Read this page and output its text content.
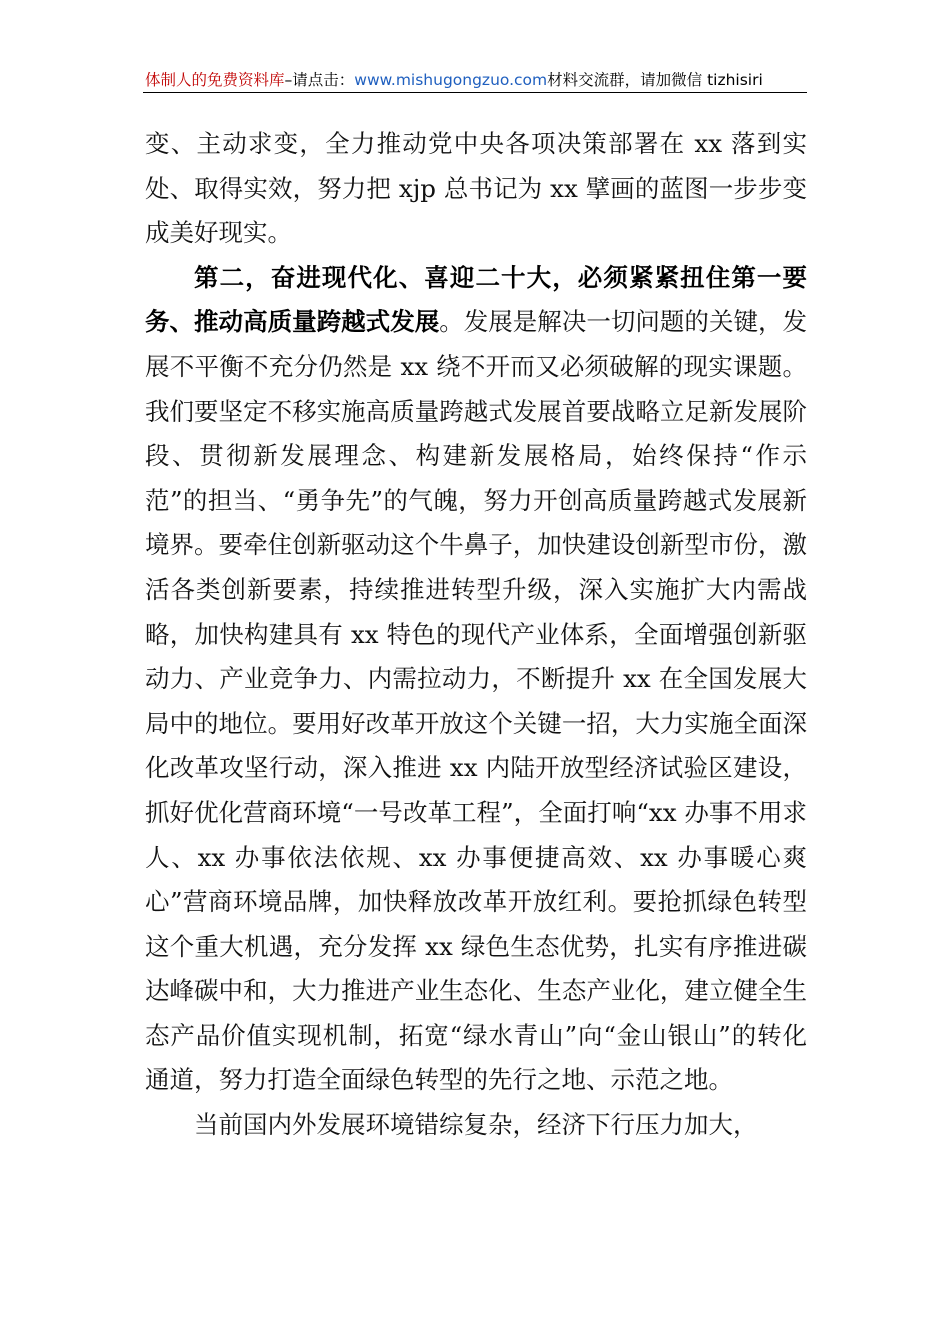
体制人的免费资料库–请点击：www.mishugongzuo.com材料交流群，请加微信 tizhisiri

变、主动求变，全力推动党中央各项决策部署在 xx 落到实处、取得实效，努力把 xjp 总书记为 xx 擘画的蓝图一步步变成美好现实。

第二，奋进现代化、喜迎二十大，必须紧紧扭住第一要务、推动高质量跨越式发展。发展是解决一切问题的关键，发展不平衡不充分仍然是 xx 绕不开而又必须破解的现实课题。我们要坚定不移实施高质量跨越式发展首要战略立足新发展阶段、贯彻新发展理念、构建新发展格局，始终保持“作示范”的担当、“勇争先”的气魄，努力开创高质量跨越式发展新境界。要牵住创新驱动这个牛鼻子，加快建设创新型市份，激活各类创新要素，持续推进转型升级，深入实施扩大内需战略，加快构建具有 xx 特色的现代产业体系，全面增强创新驱动力、产业竞争力、内需拉动力，不断提升 xx 在全国发展大局中的地位。要用好改革开放这个关键一招，大力实施全面深化改革攻坚行动，深入推进 xx 内陆开放型经济试验区建设，抓好优化营商环境“一号改革工程”，全面打响“xx 办事不用求人、xx 办事依法依规、xx 办事便捷高效、xx 办事暖心爽心”营商环境品牌，加快释放改革开放红利。要抢抓绿色转型这个重大机遇，充分发挥 xx 绿色生态优势，扎实有序推进碳达峰碳中和，大力推进产业生态化、生态产业化，建立健全生态产品价值实现机制，拓宽“绿水青山”向“金山银山”的转化通道，努力打造全面绿色转型的先行之地、示范之地。

当前国内外发展环境错综复杂，经济下行压力加大，
